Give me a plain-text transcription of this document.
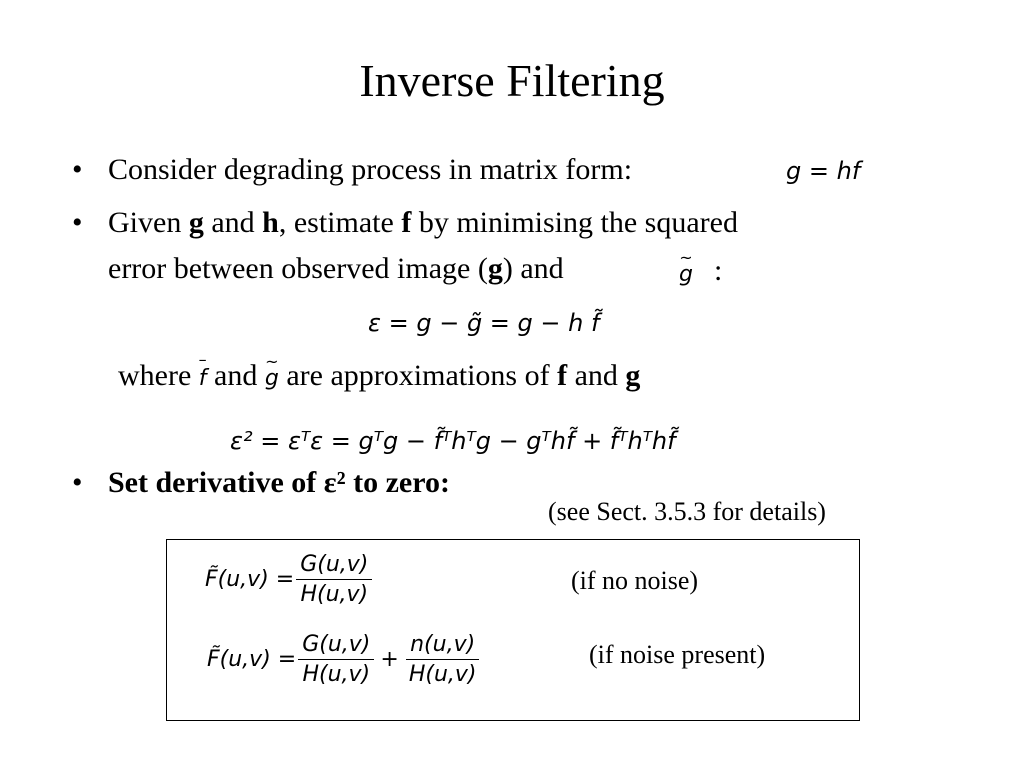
Inverse Filtering
• Consider degrading process in matrix form:	g = hf
• Given g and h, estimate f by minimising the squared
error between observed image (g) and	~ g :
ε = g − g̃ = g − h f̃
where – f and ~ g are approximations of f and g
ε² = εᵀε = gᵀg − f̃ᵀhᵀg − gᵀhf̃ + f̃ᵀhᵀhf̃
• Set derivative of ε² to zero:
(see Sect. 3.5.3 for details)
F̃(u,v) = $\frac{G(u,v)}{H(u,v)}$	(if no noise)
F̃(u,v) = $\frac{G(u,v)}{H(u,v)} + \frac{n(u,v)}{H(u,v)}$	(if noise present)
